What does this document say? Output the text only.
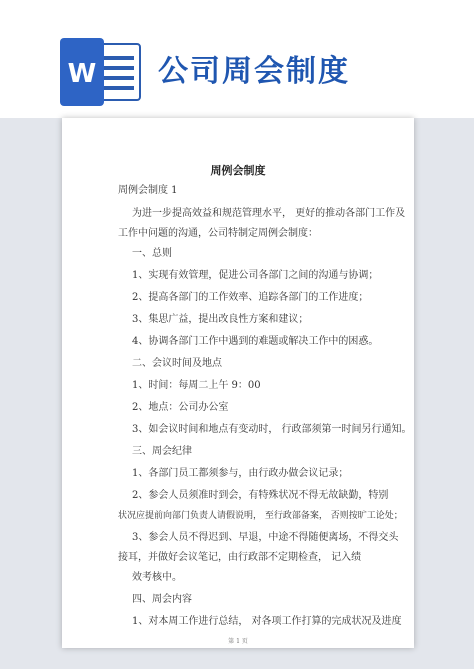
W 公司周会制度
周例会制度
周例会制度 1
为进一步提高效益和规范管理水平， 更好的推动各部门工作及
工作中问题的沟通，公司特制定周例会制度：
一、总则
1、实现有效管理，促进公司各部门之间的沟通与协调；
2、提高各部门的工作效率、追踪各部门的工作进度；
3、集思广益，提出改良性方案和建议；
4、协调各部门工作中遇到的难题或解决工作中的困惑。
二、会议时间及地点
1、时间：每周二上午 9：00
2、地点：公司办公室
3、如会议时间和地点有变动时， 行政部须第一时间另行通知。
三、周会纪律
1、各部门员工都须参与，由行政办做会议记录；
2、参会人员须准时到会，有特殊状况不得无故缺勤，特别
状况应提前向部门负责人请假说明， 至行政部备案， 否则按旷工论处；
3、参会人员不得迟到、早退，中途不得随便离场，不得交头
接耳，并做好会议笔记，由行政部不定期检查， 记入绩
效考核中。
四、周会内容
1、对本周工作进行总结， 对各项工作打算的完成状况及进度
第 1 页
